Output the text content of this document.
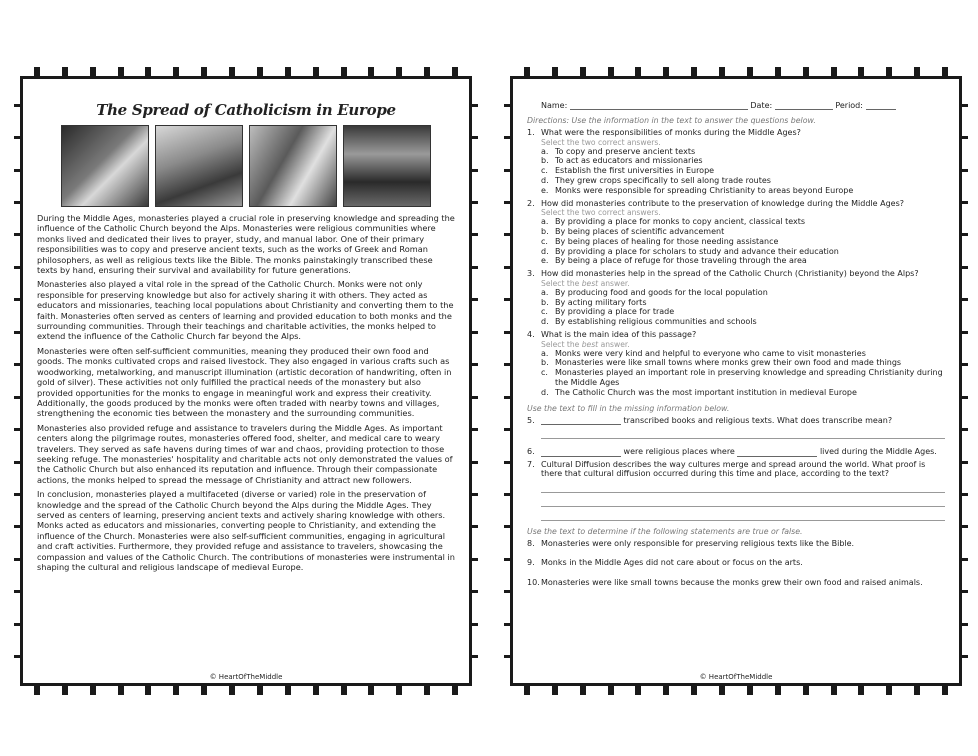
The Spread of Catholicism in Europe

During the Middle Ages, monasteries played a crucial role in preserving knowledge and spreading the influence of the Catholic Church beyond the Alps. Monasteries were religious communities where monks lived and dedicated their lives to prayer, study, and manual labor. One of their primary responsibilities was to copy and preserve ancient texts, such as the works of Greek and Roman philosophers, as well as religious texts like the Bible. The monks painstakingly transcribed these texts by hand, ensuring their survival and availability for future generations.

Monasteries also played a vital role in the spread of the Catholic Church. Monks were not only responsible for preserving knowledge but also for actively sharing it with others. They acted as educators and missionaries, teaching local populations about Christianity and converting them to the faith. Monasteries often served as centers of learning and provided education to both monks and the surrounding communities. Through their teachings and charitable activities, the monks helped to extend the influence of the Catholic Church far beyond the Alps.

Monasteries were often self-sufficient communities, meaning they produced their own food and goods. The monks cultivated crops and raised livestock. They also engaged in various crafts such as woodworking, metalworking, and manuscript illumination (artistic decoration of handwriting, often in gold of silver). These activities not only fulfilled the practical needs of the monastery but also provided opportunities for the monks to engage in meaningful work and express their creativity. Additionally, the goods produced by the monks were often traded with nearby towns and villages, strengthening the economic ties between the monastery and the surrounding communities.

Monasteries also provided refuge and assistance to travelers during the Middle Ages. As important centers along the pilgrimage routes, monasteries offered food, shelter, and medical care to weary travelers. They served as safe havens during times of war and chaos, providing protection to those seeking refuge. The monasteries' hospitality and charitable acts not only demonstrated the values of the Catholic Church but also enhanced its reputation and influence. Through their compassionate actions, the monks helped to spread the message of Christianity and attract new followers.

In conclusion, monasteries played a multifaceted (diverse or varied) role in the preservation of knowledge and the spread of the Catholic Church beyond the Alps during the Middle Ages. They served as centers of learning, preserving ancient texts and actively sharing knowledge with others. Monks acted as educators and missionaries, converting people to Christianity, and extending the influence of the Church. Monasteries were also self-sufficient communities, engaging in agricultural and craft activities. Furthermore, they provided refuge and assistance to travelers, showcasing the compassion and values of the Catholic Church. The contributions of monasteries were instrumental in shaping the cultural and religious landscape of medieval Europe.

© HeartOfTheMiddle
Name:	Date:	Period:
Directions: Use the information in the text to answer the questions below.
1. What were the responsibilities of monks during the Middle Ages?
Select the two correct answers.
a. To copy and preserve ancient texts
b. To act as educators and missionaries
c. Establish the first universities in Europe
d. They grew crops specifically to sell along trade routes
e. Monks were responsible for spreading Christianity to areas beyond Europe
2. How did monasteries contribute to the preservation of knowledge during the Middle Ages?
Select the two correct answers.
a. By providing a place for monks to copy ancient, classical texts
b. By being places of scientific advancement
c. By being places of healing for those needing assistance
d. By providing a place for scholars to study and advance their education
e. By being a place of refuge for those traveling through the area
3. How did monasteries help in the spread of the Catholic Church (Christianity) beyond the Alps?
Select the best answer.
a. By producing food and goods for the local population
b. By acting military forts
c. By providing a place for trade
d. By establishing religious communities and schools
4. What is the main idea of this passage?
Select the best answer.
a. Monks were very kind and helpful to everyone who came to visit monasteries
b. Monasteries were like small towns where monks grew their own food and made things
c. Monasteries played an important role in preserving knowledge and spreading Christianity during the Middle Ages
d. The Catholic Church was the most important institution in medieval Europe
Use the text to fill in the missing information below.
5.	transcribed books and religious texts. What does transcribe mean?
6.	were religious places where	lived during the Middle Ages.
7. Cultural Diffusion describes the way cultures merge and spread around the world. What proof is there that cultural diffusion occurred during this time and place, according to the text?
Use the text to determine if the following statements are true or false.
8. Monasteries were only responsible for preserving religious texts like the Bible.
9. Monks in the Middle Ages did not care about or focus on the arts.
10. Monasteries were like small towns because the monks grew their own food and raised animals.
© HeartOfTheMiddle
